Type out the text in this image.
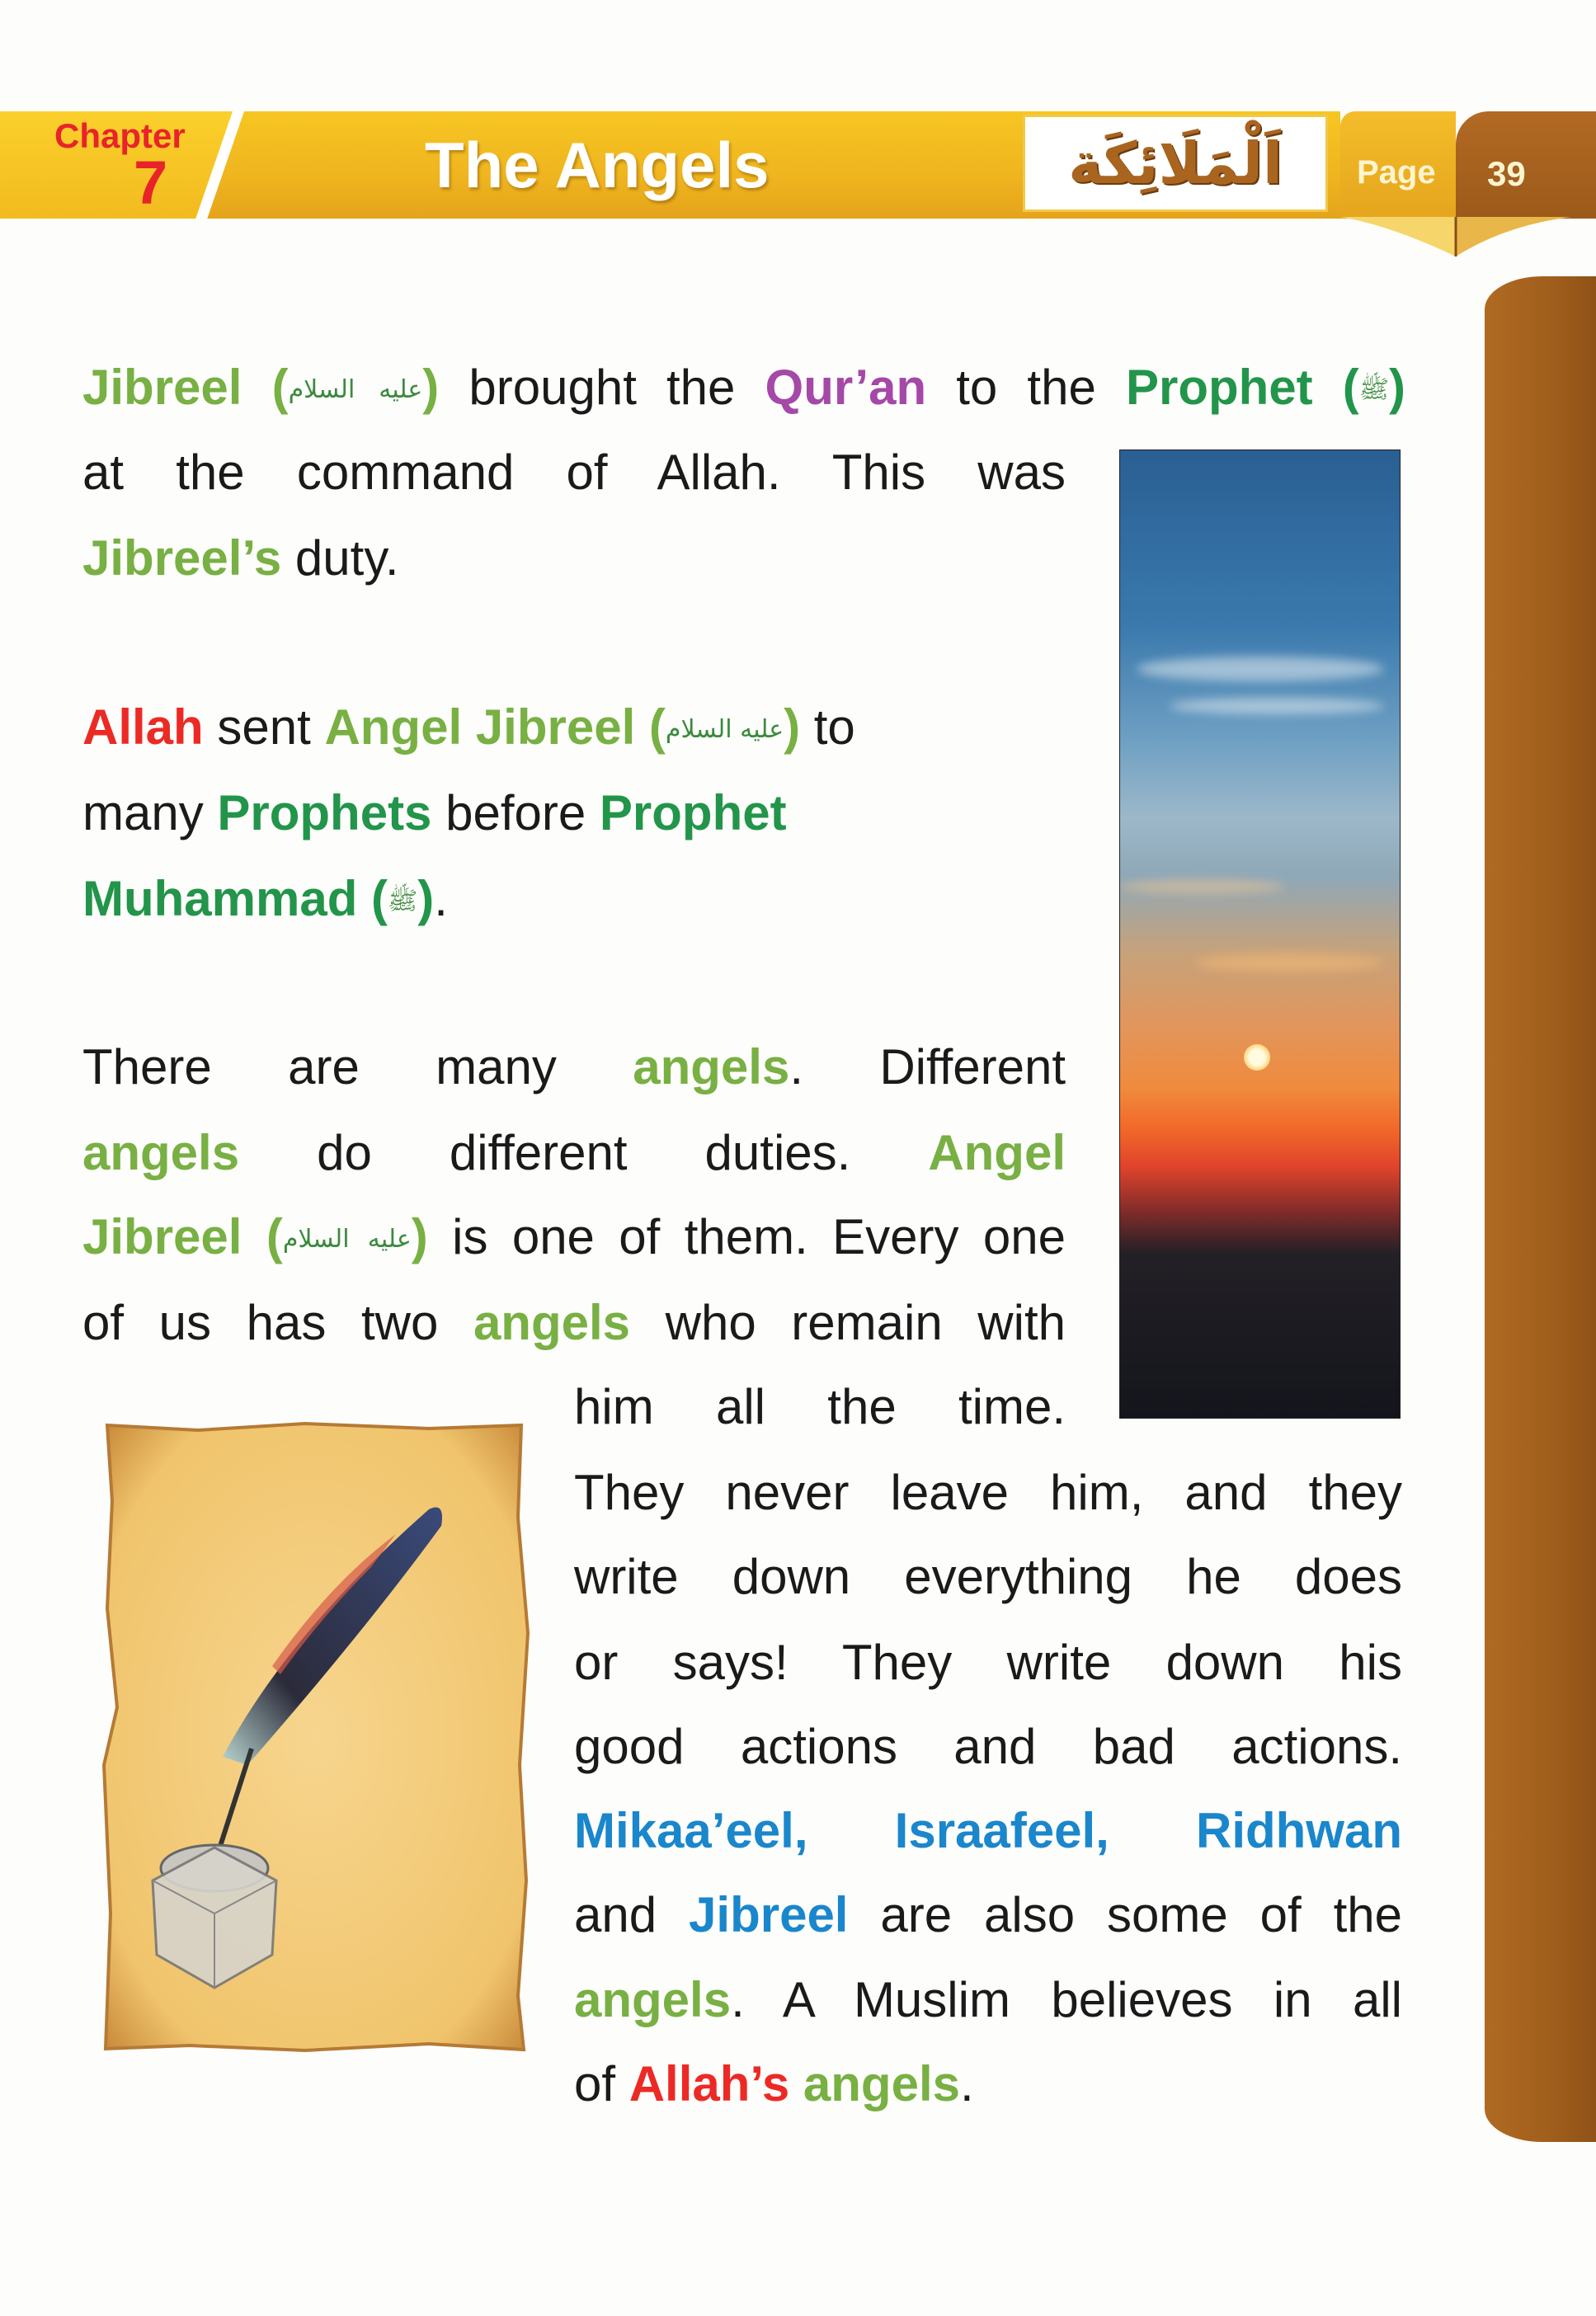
Chapter
7	The Angels	اَلْمَلَائِكَة Page 39
Jibreel (عليه السلام) brought the Qur’an to the Prophet (ﷺ)
at the command of Allah. This was
Jibreel’s duty.
Allah sent Angel Jibreel (عليه السلام) to
many Prophets before Prophet
Muhammad (ﷺ).
There are many angels. Different
angels do different duties. Angel
Jibreel (عليه السلام) is one of them. Every one
of us has two angels who remain with
him all the time.
They never leave him, and they
write down everything he does
or says! They write down his
good actions and bad actions.
Mikaa’eel, Israafeel, Ridhwan
and Jibreel are also some of the
angels. A Muslim believes in all
of Allah’s angels.
